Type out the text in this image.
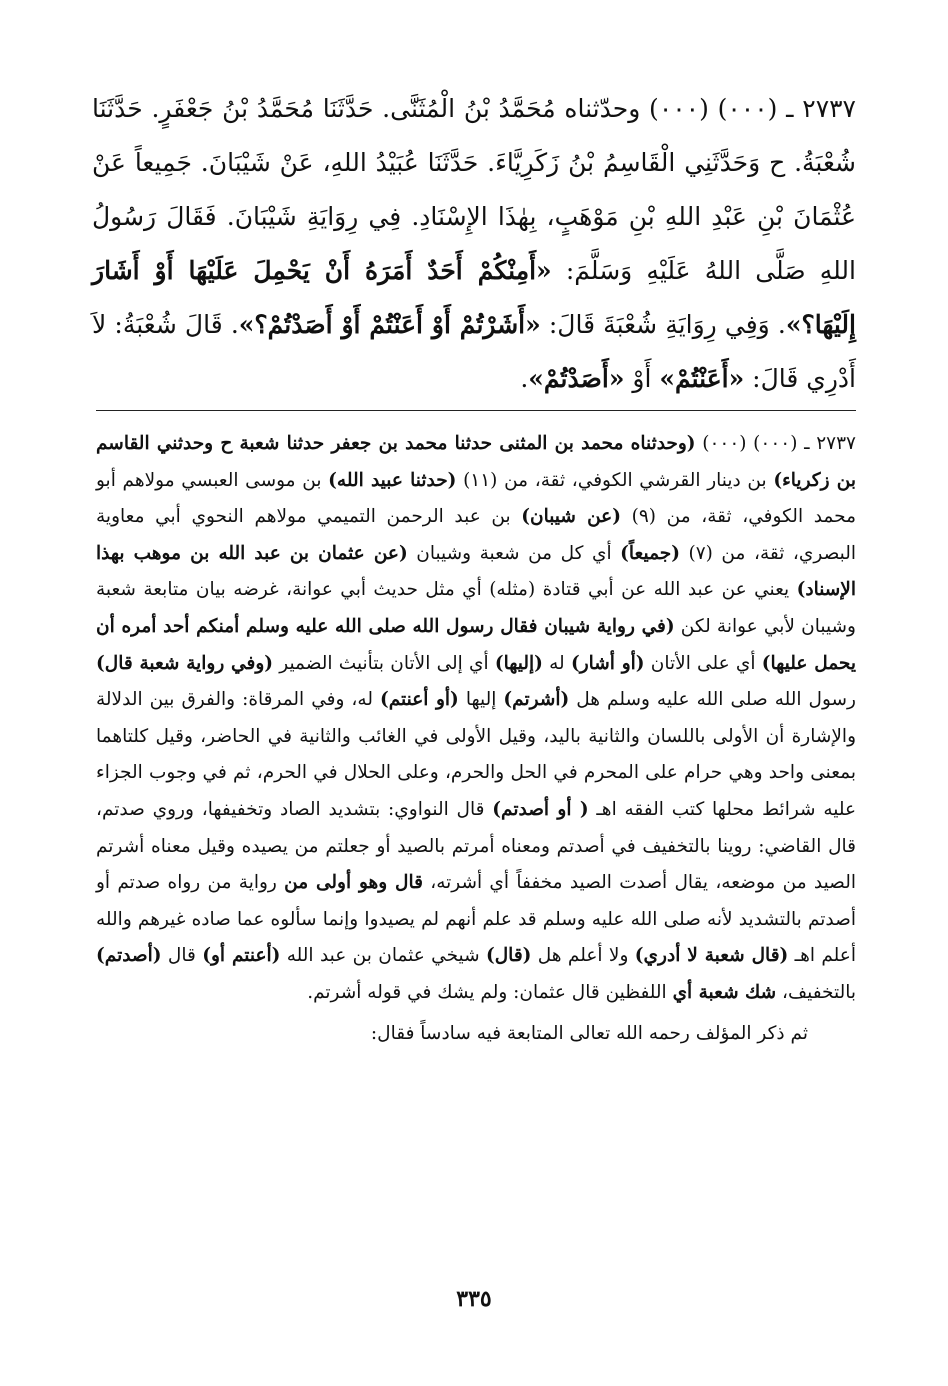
٢٧٣٧ ـ (٠٠٠) (٠٠٠) وحدّثناه مُحَمَّدُ بْنُ الْمُثَنَّى. حَدَّثَنَا مُحَمَّدُ بْنُ جَعْفَرٍ. حَدَّثَنَا شُعْبَةُ. ح وَحَدَّثَنِي الْقَاسِمُ بْنُ زَكَرِيَّاءَ. حَدَّثَنَا عُبَيْدُ اللهِ، عَنْ شَيْبَانَ. جَمِيعاً عَنْ عُثْمَانَ بْنِ عَبْدِ اللهِ بْنِ مَوْهَبٍ، بِهٰذَا الإِسْنَادِ. فِي رِوَايَةِ شَيْبَانَ. فَقَالَ رَسُولُ اللهِ صَلَّى اللهُ عَلَيْهِ وَسَلَّمَ: «أَمِنْكُمْ أَحَدٌ أَمَرَهُ أَنْ يَحْمِلَ عَلَيْهَا أَوْ أَشَارَ إِلَيْهَا؟». وَفِي رِوَايَةِ شُعْبَةَ قَالَ: «أَشَرْتُمْ أَوْ أَعَنْتُمْ أَوْ أَصَدْتُمْ؟». قَالَ شُعْبَةُ: لاَ أَدْرِي قَالَ: «أَعَنْتُمْ» أَوْ «أَصَدْتُمْ».

٢٧٣٧ ـ (٠٠٠) (٠٠٠) (وحدثناه محمد بن المثنى حدثنا محمد بن جعفر حدثنا شعبة ح وحدثني القاسم بن زكرياء) بن دينار القرشي الكوفي، ثقة، من (١١) (حدثنا عبيد الله) بن موسى العبسي مولاهم أبو محمد الكوفي، ثقة، من (٩) (عن شيبان) بن عبد الرحمن التميمي مولاهم النحوي أبي معاوية البصري، ثقة، من (٧) (جميعاً) أي كل من شعبة وشيبان (عن عثمان بن عبد الله بن موهب بهذا الإسناد) يعني عن عبد الله عن أبي قتادة (مثله) أي مثل حديث أبي عوانة، غرضه بيان متابعة شعبة وشيبان لأبي عوانة لكن (في رواية شيبان فقال رسول الله صلى الله عليه وسلم أمنكم أحد أمره أن يحمل عليها) أي على الأتان (أو أشار) له (إليها) أي إلى الأتان بتأنيث الضمير (وفي رواية شعبة قال) رسول الله صلى الله عليه وسلم هل (أشرتم) إليها (أو أعنتم) له، وفي المرقاة: والفرق بين الدلالة والإشارة أن الأولى باللسان والثانية باليد، وقيل الأولى في الغائب والثانية في الحاضر، وقيل كلتاهما بمعنى واحد وهي حرام على المحرم في الحل والحرم، وعلى الحلال في الحرم، ثم في وجوب الجزاء عليه شرائط محلها كتب الفقه اهـ ( أو أصدتم) قال النواوي: بتشديد الصاد وتخفيفها، وروي صدتم، قال القاضي: روينا بالتخفيف في أصدتم ومعناه أمرتم بالصيد أو جعلتم من يصيده وقيل معناه أشرتم الصيد من موضعه، يقال أصدت الصيد مخففاً أي أشرته، قال وهو أولى من رواية من رواه صدتم أو أصدتم بالتشديد لأنه صلى الله عليه وسلم قد علم أنهم لم يصيدوا وإنما سألوه عما صاده غيرهم والله أعلم اهـ (قال شعبة لا أدري) ولا أعلم هل (قال) شيخي عثمان بن عبد الله (أعنتم أو) قال (أصدتم) بالتخفيف، شك شعبة أي اللفظين قال عثمان: ولم يشك في قوله أشرتم.

ثم ذكر المؤلف رحمه الله تعالى المتابعة فيه سادساً فقال:

٣٣٥
